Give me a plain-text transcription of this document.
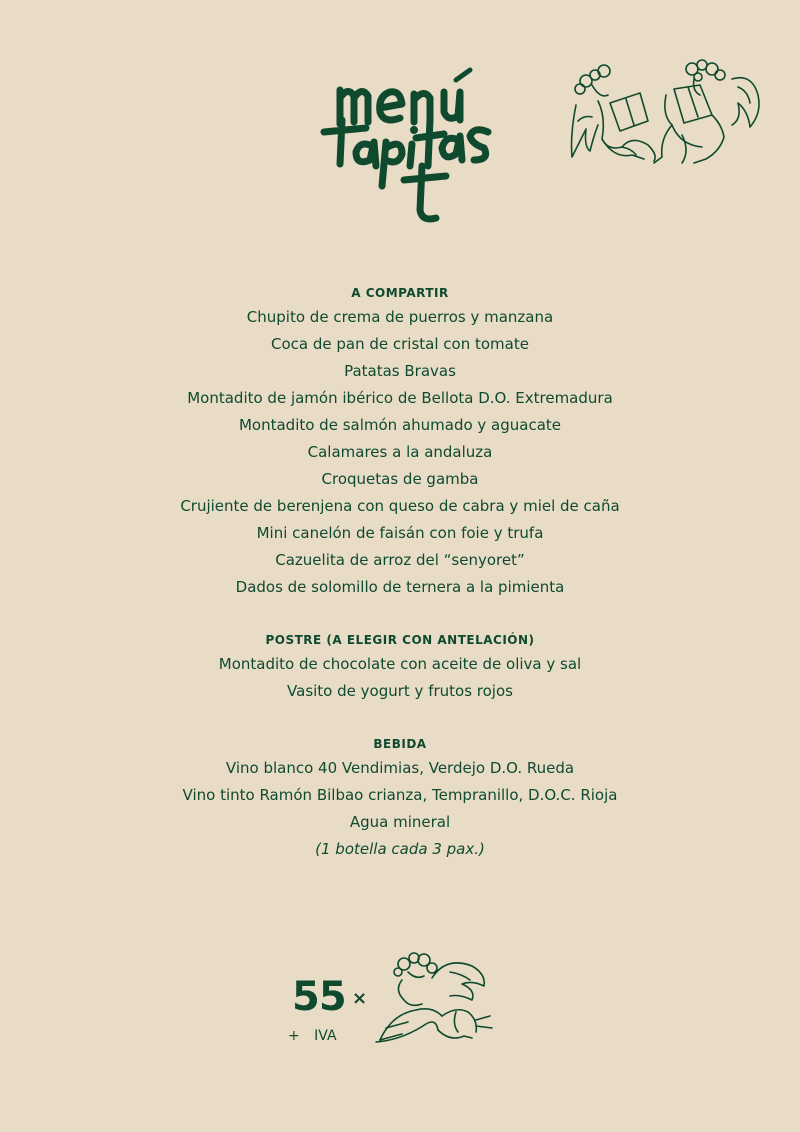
A COMPARTIR
Chupito de crema de puerros y manzana
Coca de pan de cristal con tomate
Patatas Bravas
Montadito de jamón ibérico de Bellota D.O. Extremadura
Montadito de salmón ahumado y aguacate
Calamares a la andaluza
Croquetas de gamba
Crujiente de berenjena con queso de cabra y miel de caña
Mini canelón de faisán con foie y trufa
Cazuelita de arroz del “senyoret”
Dados de solomillo de ternera a la pimienta
POSTRE (A ELEGIR CON ANTELACIÓN)
Montadito de chocolate con aceite de oliva y sal
Vasito de yogurt y frutos rojos
BEBIDA
Vino blanco 40 Vendimias, Verdejo D.O. Rueda
Vino tinto Ramón Bilbao crianza, Tempranillo, D.O.C. Rioja
Agua mineral
(1 botella cada 3 pax.)
55 ×
+ IVA
